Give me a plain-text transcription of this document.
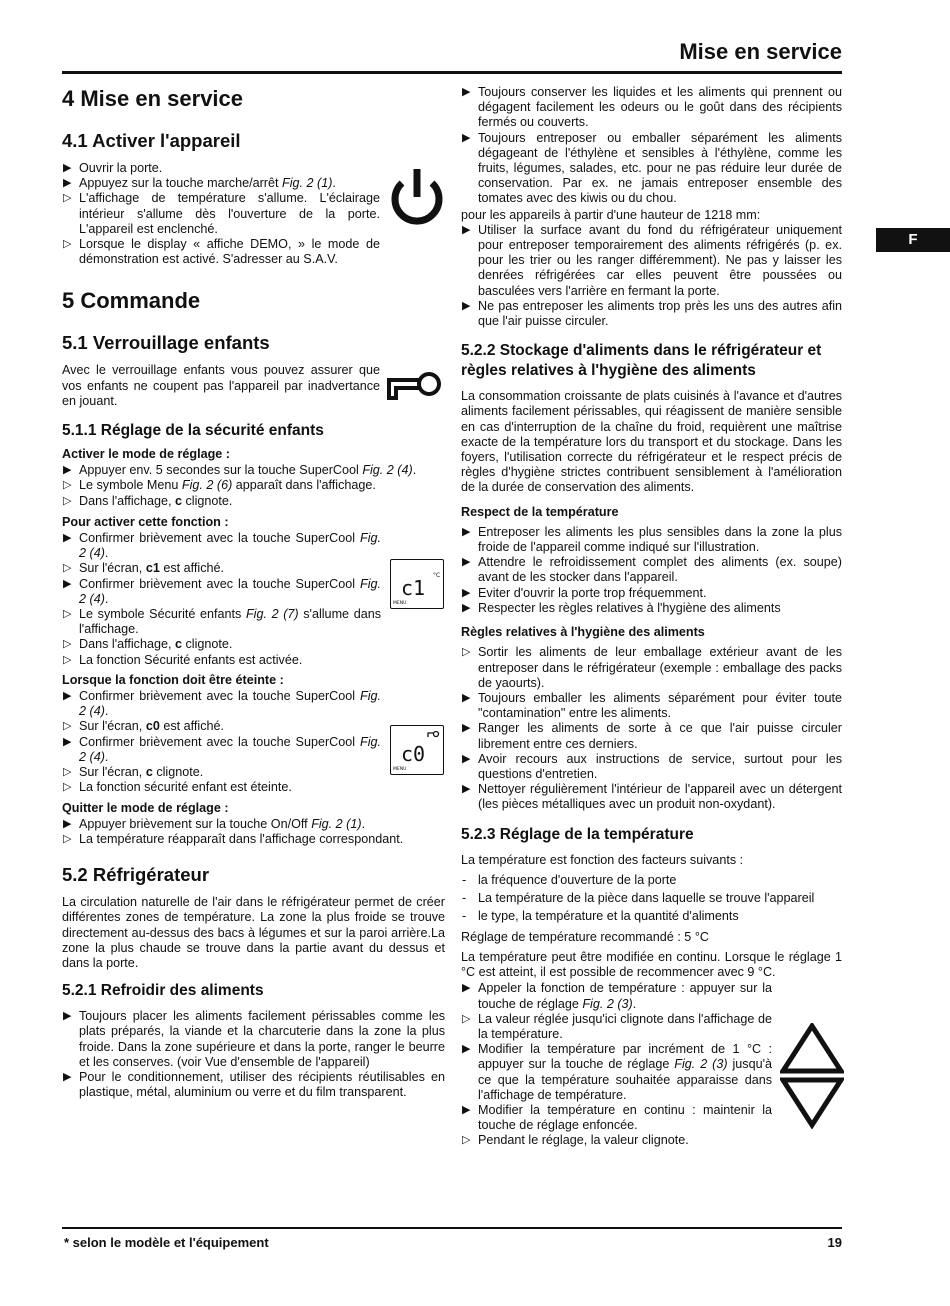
Mise en service
F
* selon le modèle et l'équipement	19
c1
°C
MENU
c0
MENU
4 Mise en service
4.1 Activer l'appareil
▶ Ouvrir la porte.
▶ Appuyez sur la touche marche/arrêt Fig. 2 (1).
▷ L'affichage de température s'allume. L'éclairage intérieur s'allume dès l'ouverture de la porte. L'appareil est enclenché.
▷ Lorsque le display « affiche DEMO, » le mode de démonstration est activé. S'adresser au S.A.V.
5 Commande
5.1 Verrouillage enfants

Avec le verrouillage enfants vous pouvez assurer que vos enfants ne coupent pas l'appareil par inadvertance en jouant.

5.1.1 Réglage de la sécurité enfants
Activer le mode de réglage :
▶ Appuyer env. 5 secondes sur la touche SuperCool Fig. 2 (4).
▷ Le symbole Menu Fig. 2 (6) apparaît dans l'affichage.
▷ Dans l'affichage, c clignote.
Pour activer cette fonction :
▶ Confirmer brièvement avec la touche SuperCool Fig. 2 (4).
▷ Sur l'écran, c1 est affiché.
▶ Confirmer brièvement avec la touche SuperCool Fig. 2 (4).
▷ Le symbole Sécurité enfants Fig. 2 (7) s'allume dans l'affichage.
▷ Dans l'affichage, c clignote.
▷ La fonction Sécurité enfants est activée.
Lorsque la fonction doit être éteinte :
▶ Confirmer brièvement avec la touche SuperCool Fig. 2 (4).
▷ Sur l'écran, c0 est affiché.
▶ Confirmer brièvement avec la touche SuperCool Fig. 2 (4).
▷ Sur l'écran, c clignote.
▷ La fonction sécurité enfant est éteinte.
Quitter le mode de réglage :
▶ Appuyer brièvement sur la touche On/Off Fig. 2 (1).
▷ La température réapparaît dans l'affichage correspondant.
5.2 Réfrigérateur

La circulation naturelle de l'air dans le réfrigérateur permet de créer différentes zones de température. La zone la plus froide se trouve directement au-dessus des bacs à légumes et sur la paroi arrière.La zone la plus chaude se trouve dans la partie avant du dessus et dans la porte.

5.2.1 Refroidir des aliments
▶ Toujours placer les aliments facilement périssables comme les plats préparés, la viande et la charcuterie dans la zone la plus froide. Dans la zone supérieure et dans la porte, ranger le beurre et les conserves. (voir Vue d'ensemble de l'appareil)
▶ Pour le conditionnement, utiliser des récipients réutilisables en plastique, métal, aluminium ou verre et du film transparent.
▶ Toujours conserver les liquides et les aliments qui prennent ou dégagent facilement les odeurs ou le goût dans des récipients fermés ou couverts.
▶ Toujours entreposer ou emballer séparément les aliments dégageant de l'éthylène et sensibles à l'éthylène, comme les fruits, légumes, salades, etc. pour ne pas réduire leur durée de conservation. Par ex. ne jamais entreposer ensemble des tomates avec des kiwis ou du chou.

pour les appareils à partir d'une hauteur de 1218 mm:

▶ Utiliser la surface avant du fond du réfrigérateur uniquement pour entreposer temporairement des aliments réfrigérés (p. ex. pour les trier ou les ranger différemment). Ne pas y laisser les denrées réfrigérées car elles peuvent être poussées ou basculées vers l'arrière en fermant la porte.
▶ Ne pas entreposer les aliments trop près les uns des autres afin que l'air puisse circuler.
5.2.2 Stockage d'aliments dans le réfrigérateur et règles relatives à l'hygiène des aliments

La consommation croissante de plats cuisinés à l'avance et d'autres aliments facilement périssables, qui réagissent de manière sensible en cas d'interruption de la chaîne du froid, requièrent une maîtrise exacte de la température lors du transport et du stockage. Dans les foyers, l'utilisation correcte du réfrigérateur et le respect précis de règles d'hygiène strictes contribuent sensiblement à l'amélioration de la durée de conservation des aliments.

Respect de la température
▶ Entreposer les aliments les plus sensibles dans la zone la plus froide de l'appareil comme indiqué sur l'illustration.
▶ Attendre le refroidissement complet des aliments (ex. soupe) avant de les stocker dans l'appareil.
▶ Eviter d'ouvrir la porte trop fréquemment.
▶ Respecter les règles relatives à l'hygiène des aliments
Règles relatives à l'hygiène des aliments
▷ Sortir les aliments de leur emballage extérieur avant de les entreposer dans le réfrigérateur (exemple : emballage des packs de yaourts).
▶ Toujours emballer les aliments séparément pour éviter toute "contamination" entre les aliments.
▶ Ranger les aliments de sorte à ce que l'air puisse circuler librement entre ces derniers.
▶ Avoir recours aux instructions de service, surtout pour les questions d'entretien.
▶ Nettoyer régulièrement l'intérieur de l'appareil avec un détergent (les pièces métalliques avec un produit non-oxydant).
5.2.3 Réglage de la température

La température est fonction des facteurs suivants :

- la fréquence d'ouverture de la porte
- La température de la pièce dans laquelle se trouve l'appareil
- le type, la température et la quantité d'aliments

Réglage de température recommandé : 5 °C

La température peut être modifiée en continu. Lorsque le réglage 1 °C est atteint, il est possible de recommencer avec 9 °C.

▶ Appeler la fonction de température : appuyer sur la touche de réglage Fig. 2 (3).
▷ La valeur réglée jusqu'ici clignote dans l'affichage de la température.
▶ Modifier la température par incrément de 1 °C : appuyer sur la touche de réglage Fig. 2 (3) jusqu'à ce que la température souhaitée apparaisse dans l'affichage de température.
▶ Modifier la température en continu : maintenir la touche de réglage enfoncée.
▷ Pendant le réglage, la valeur clignote.
